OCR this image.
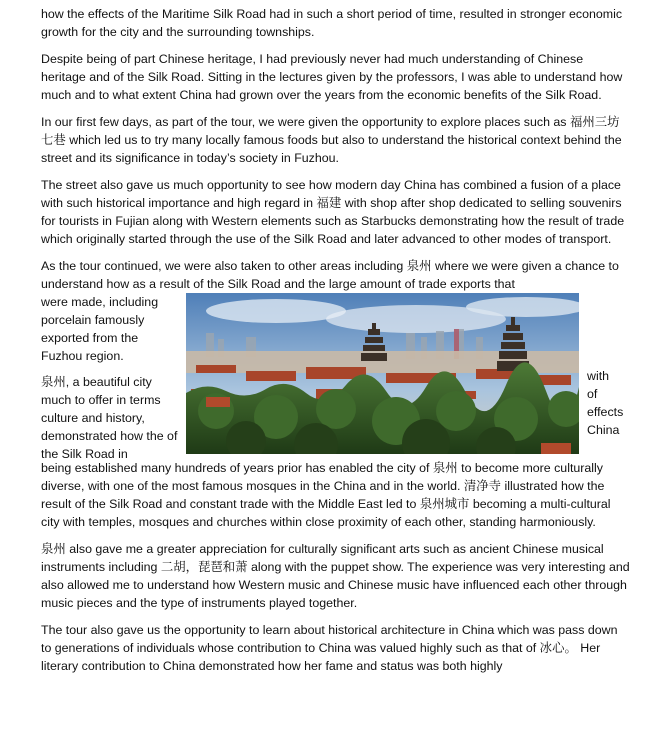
how the effects of the Maritime Silk Road had in such a short period of time, resulted in stronger economic growth for the city and the surrounding townships.

Despite being of part Chinese heritage, I had previously never had much understanding of Chinese heritage and of the Silk Road. Sitting in the lectures given by the professors, I was able to understand how much and to what extent China had grown over the years from the economic benefits of the Silk Road.

In our first few days, as part of the tour, we were given the opportunity to explore places such as 福州三坊七巷 which led us to try many locally famous foods but also to understand the historical context behind the street and its significance in today’s society in Fuzhou.

The street also gave us much opportunity to see how modern day China has combined a fusion of a place with such historical importance and high regard in 福建 with shop after shop dedicated to selling souvenirs for tourists in Fujian along with Western elements such as Starbucks demonstrating how the result of trade which originally started through the use of the Silk Road and later advanced to other modes of transport.

As the tour continued, we were also taken to other areas including 泉州 where we were given a chance to understand how as a result of the Silk Road and the large amount of trade exports that

were made, including porcelain famously exported from the Fuzhou region.
泉州, a beautiful city much to offer in terms culture and history, demonstrated how the of the Silk Road in
with
of
effects
China

being established many hundreds of years prior has enabled the city of 泉州 to become more culturally diverse, with one of the most famous mosques in the China and in the world. 清净寺 illustrated how the result of the Silk Road and constant trade with the Middle East led to 泉州城市 becoming a multi-cultural city with temples, mosques and churches within close proximity of each other, standing harmoniously.

泉州 also gave me a greater appreciation for culturally significant arts such as ancient Chinese musical instruments including 二胡，琵琶和萧 along with the puppet show. The experience was very interesting and also allowed me to understand how Western music and Chinese music have influenced each other through music pieces and the type of instruments played together.

The tour also gave us the opportunity to learn about historical architecture in China which was pass down to generations of individuals whose contribution to China was valued highly such as that of 冰心。 Her literary contribution to China demonstrated how her fame and status was both highly
